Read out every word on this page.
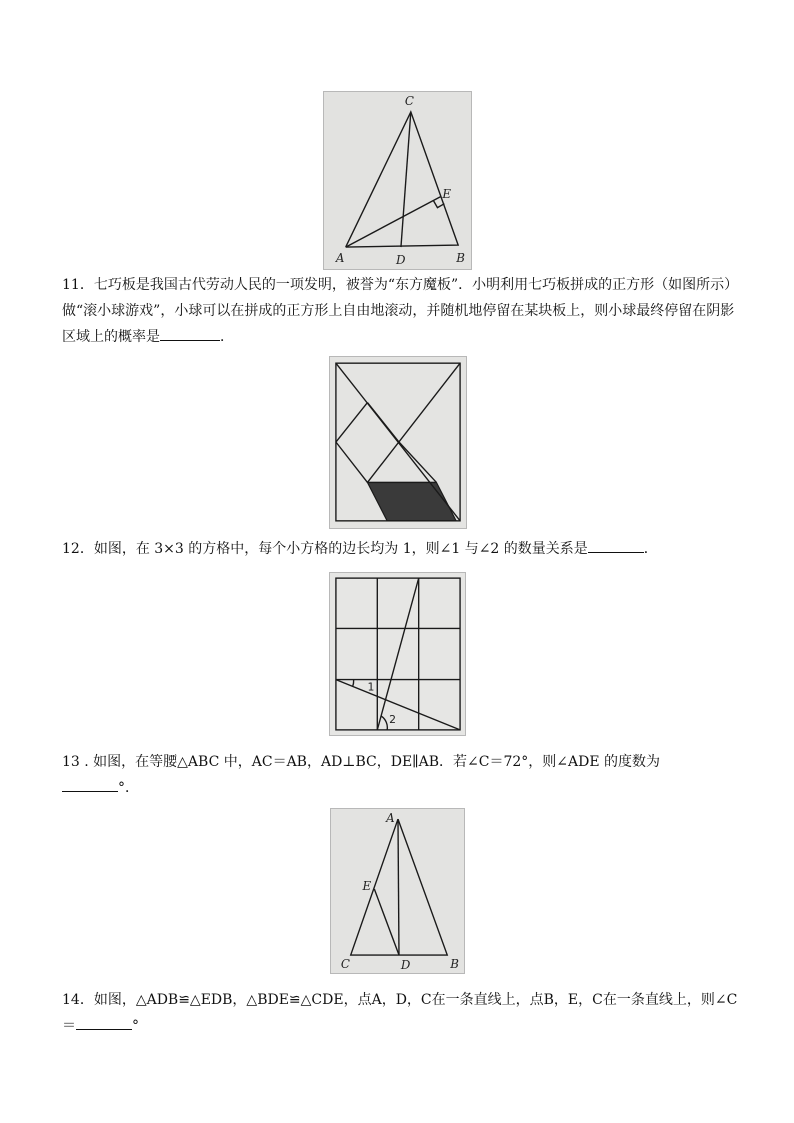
C
E
A	D	B

11．七巧板是我国古代劳动人民的一项发明，被誉为“东方魔板”．小明利用七巧板拼成的正方形（如图所示）做“滚小球游戏”，小球可以在拼成的正方形上自由地滚动，并随机地停留在某块板上，则小球最终停留在阴影区域上的概率是	．

12．如图，在 3×3 的方格中，每个小方格的边长均为 1，则∠1 与∠2 的数量关系是	．

1
2

13 . 如图，在等腰△ABC 中，AC＝AB，AD⊥BC，DE∥AB．若∠C＝72°，则∠ADE 的度数为
°．

A
E
C	D	B

14．如图，△ADB≌△EDB，△BDE≌△CDE，点A，D，C在一条直线上，点B，E，C在一条直线上，则∠C＝	°
